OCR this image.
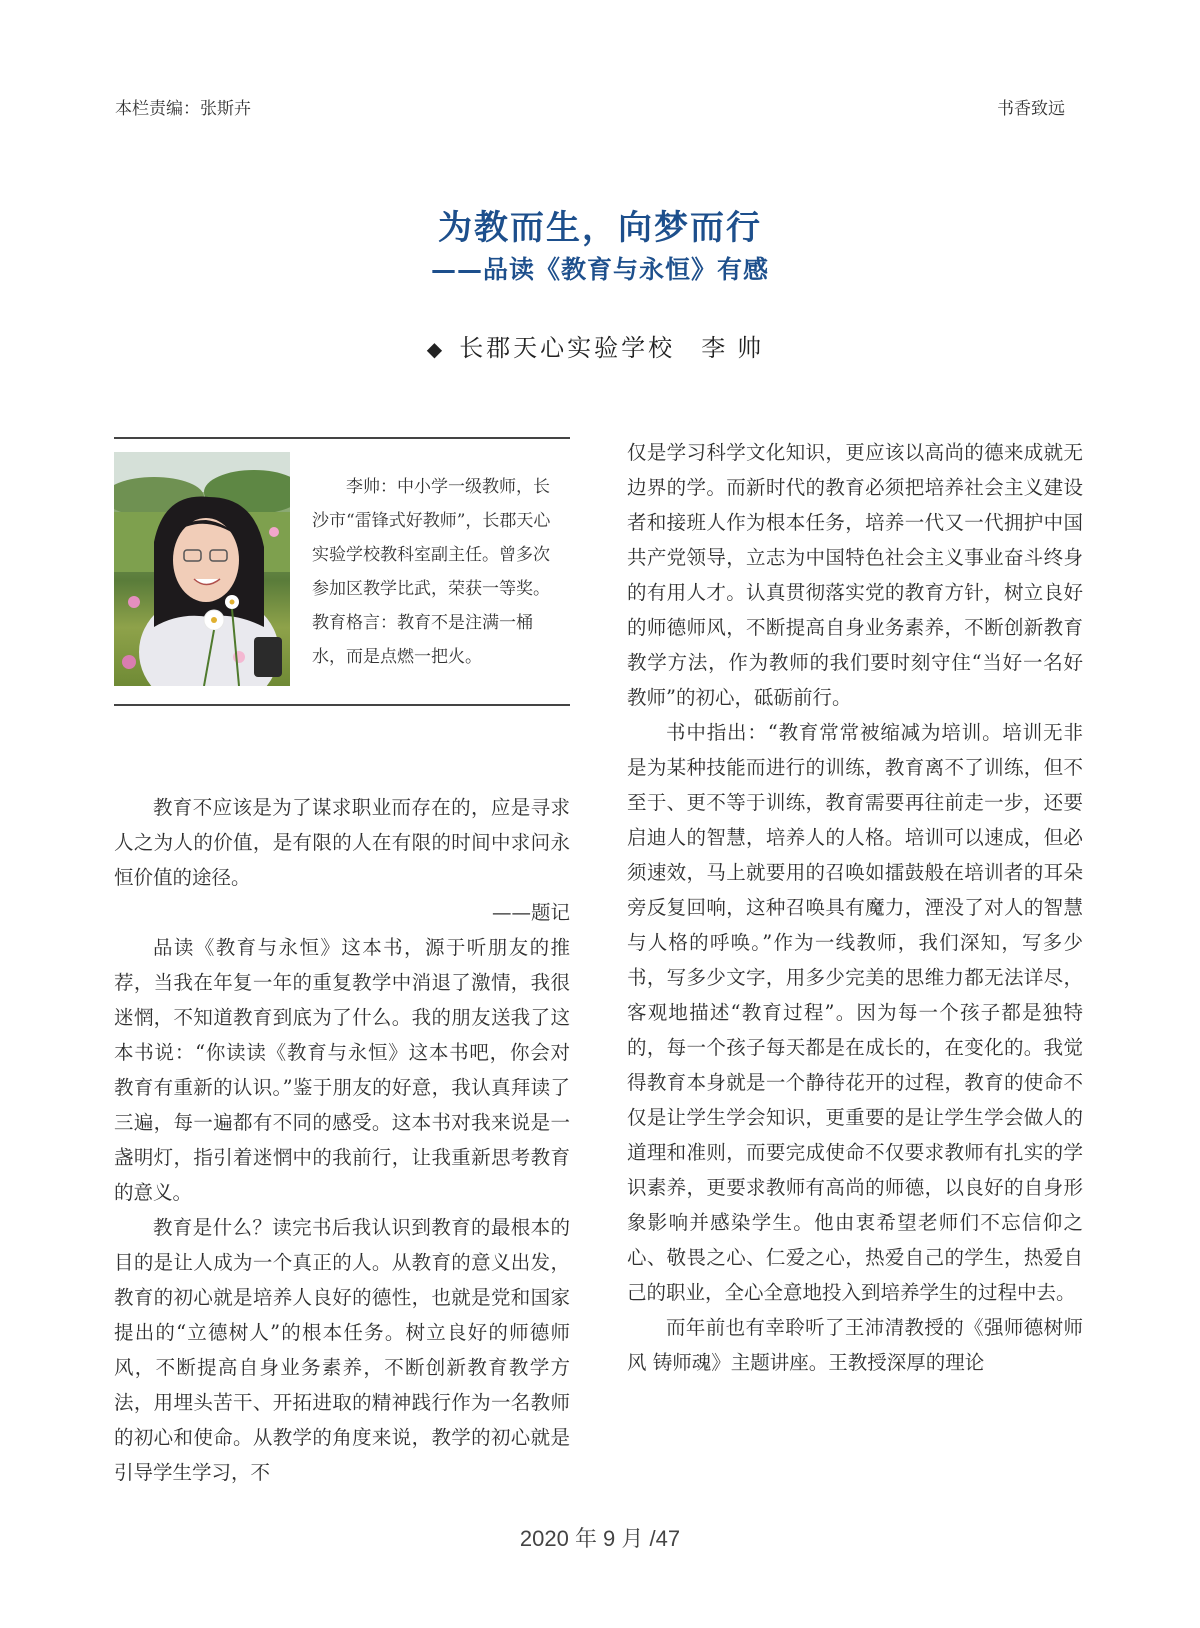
本栏责编：张斯卉	书香致远
为教而生，向梦而行
——品读《教育与永恒》有感
◆ 长郡天心实验学校 李帅
李帅：中小学一级教师，长沙市“雷锋式好教师”，长郡天心实验学校教科室副主任。曾多次参加区教学比武，荣获一等奖。教育格言：教育不是注满一桶水，而是点燃一把火。

教育不应该是为了谋求职业而存在的，应是寻求人之为人的价值，是有限的人在有限的时间中求问永恒价值的途径。

——题记

品读《教育与永恒》这本书，源于听朋友的推荐，当我在年复一年的重复教学中消退了激情，我很迷惘，不知道教育到底为了什么。我的朋友送我了这本书说：“你读读《教育与永恒》这本书吧，你会对教育有重新的认识。”鉴于朋友的好意，我认真拜读了三遍，每一遍都有不同的感受。这本书对我来说是一盏明灯，指引着迷惘中的我前行，让我重新思考教育的意义。

教育是什么？读完书后我认识到教育的最根本的目的是让人成为一个真正的人。从教育的意义出发，教育的初心就是培养人良好的德性，也就是党和国家提出的“立德树人”的根本任务。树立良好的师德师风，不断提高自身业务素养，不断创新教育教学方法，用埋头苦干、开拓进取的精神践行作为一名教师的初心和使命。从教学的角度来说，教学的初心就是引导学生学习，不

仅是学习科学文化知识，更应该以高尚的德来成就无边界的学。而新时代的教育必须把培养社会主义建设者和接班人作为根本任务，培养一代又一代拥护中国共产党领导，立志为中国特色社会主义事业奋斗终身的有用人才。认真贯彻落实党的教育方针，树立良好的师德师风，不断提高自身业务素养，不断创新教育教学方法，作为教师的我们要时刻守住“当好一名好教师”的初心，砥砺前行。

书中指出：“教育常常被缩减为培训。培训无非是为某种技能而进行的训练，教育离不了训练，但不至于、更不等于训练，教育需要再往前走一步，还要启迪人的智慧，培养人的人格。培训可以速成，但必须速效，马上就要用的召唤如擂鼓般在培训者的耳朵旁反复回响，这种召唤具有魔力，湮没了对人的智慧与人格的呼唤。”作为一线教师，我们深知，写多少书，写多少文字，用多少完美的思维力都无法详尽，客观地描述“教育过程”。因为每一个孩子都是独特的，每一个孩子每天都是在成长的，在变化的。我觉得教育本身就是一个静待花开的过程，教育的使命不仅是让学生学会知识，更重要的是让学生学会做人的道理和准则，而要完成使命不仅要求教师有扎实的学识素养，更要求教师有高尚的师德，以良好的自身形象影响并感染学生。他由衷希望老师们不忘信仰之心、敬畏之心、仁爱之心，热爱自己的学生，热爱自己的职业，全心全意地投入到培养学生的过程中去。

而年前也有幸聆听了王沛清教授的《强师德树师风 铸师魂》主题讲座。王教授深厚的理论

2020 年 9 月 /47
